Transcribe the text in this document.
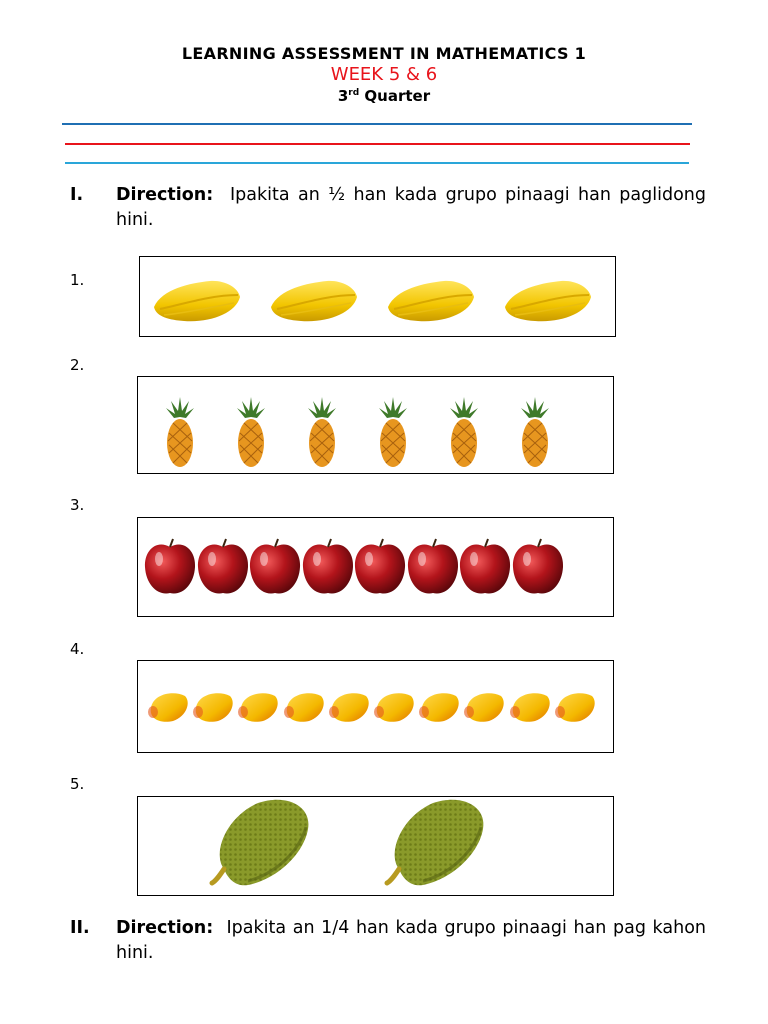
LEARNING ASSESSMENT IN MATHEMATICS 1
WEEK 5 & 6
3rd Quarter
I. Direction: Ipakita an ½ han kada grupo pinaagi han paglidong hini.
1.
2.
3.
4.
5.
II. Direction: Ipakita an 1/4 han kada grupo pinaagi han pag kahon hini.
